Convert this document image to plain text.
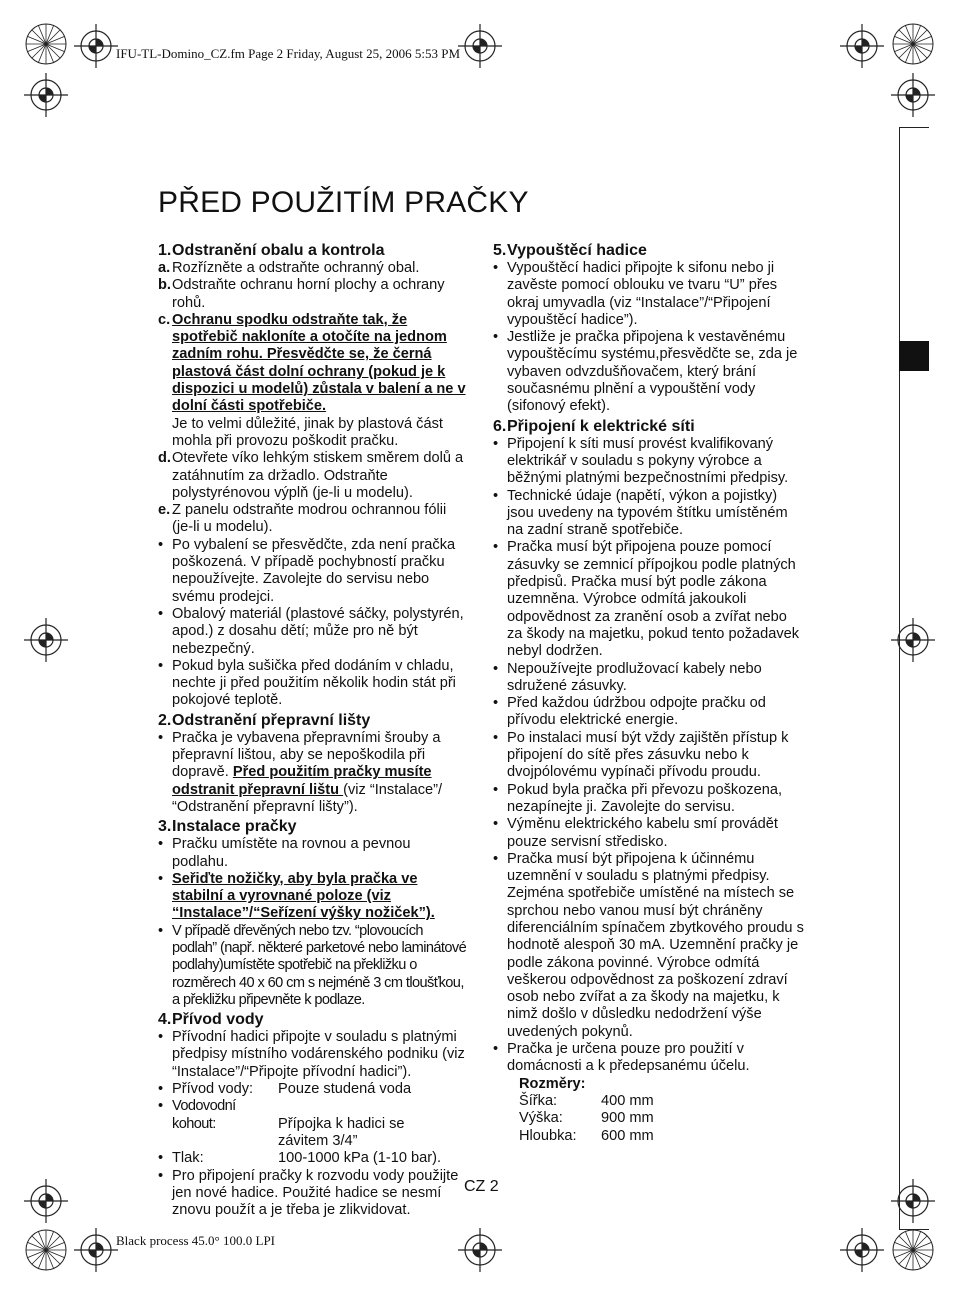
IFU-TL-Domino_CZ.fm Page 2 Friday, August 25, 2006 5:53 PM
Black process 45.0° 100.0 LPI
PŘED POUŽITÍM PRAČKY
1. Odstranění obalu a kontrola
a. Rozřízněte a odstraňte ochranný obal.
b. Odstraňte ochranu horní plochy a ochrany rohů.
c. Ochranu spodku odstraňte tak, že spotřebič nakloníte a otočíte na jednom zadním rohu. Přesvědčte se, že černá plastová část dolní ochrany (pokud je k dispozici u modelů) zůstala v balení a ne v dolní části spotřebiče.
Je to velmi důležité, jinak by plastová část mohla při provozu poškodit pračku.
d. Otevřete víko lehkým stiskem směrem dolů a zatáhnutím za držadlo. Odstraňte polystyrénovou výplň (je-li u modelu).
e. Z panelu odstraňte modrou ochrannou fólii (je-li u modelu).
• Po vybalení se přesvědčte, zda není pračka poškozená. V případě pochybností pračku nepoužívejte. Zavolejte do servisu nebo svému prodejci.
• Obalový materiál (plastové sáčky, polystyrén, apod.) z dosahu dětí; může pro ně být nebezpečný.
• Pokud byla sušička před dodáním v chladu, nechte ji před použitím několik hodin stát při pokojové teplotě.
2. Odstranění přepravní lišty
• Pračka je vybavena přepravními šrouby a přepravní lištou, aby se nepoškodila při dopravě. Před použitím pračky musíte odstranit přepravní lištu (viz “Instalace”/ “Odstranění přepravní lišty”).
3. Instalace pračky
• Pračku umístěte na rovnou a pevnou podlahu.
• Seřiďte nožičky, aby byla pračka ve stabilní a vyrovnané poloze (viz “Instalace”/“Seřízení výšky nožiček”).
• V případě dřevěných nebo tzv. “plovoucích podlah” (např. některé parketové nebo laminátové podlahy)umístěte spotřebič na překližku o rozměrech 40 x 60 cm s nejméně 3 cm tloušťkou, a překližku připevněte k podlaze.
4. Přívod vody
• Přívodní hadici připojte v souladu s platnými předpisy místního vodárenského podniku (viz “Instalace”/“Připojte přívodní hadici”).
• Přívod vody: Pouze studená voda
• Vodovodní kohout:	Přípojka k hadici se
závitem 3/4”
• Tlak:	100-1000 kPa (1-10 bar).
• Pro připojení pračky k rozvodu vody použijte jen nové hadice. Použité hadice se nesmí znovu použít a je třeba je zlikvidovat.
5. Vypouštěcí hadice
• Vypouštěcí hadici připojte k sifonu nebo ji zavěste pomocí oblouku ve tvaru “U” přes okraj umyvadla (viz “Instalace”/“Připojení vypouštěcí hadice”).
• Jestliže je pračka připojena k vestavěnému vypouštěcímu systému,přesvědčte se, zda je vybaven odvzdušňovačem, který brání současnému plnění a vypouštění vody (sifonový efekt).
6. Připojení k elektrické síti
• Připojení k síti musí provést kvalifikovaný elektrikář v souladu s pokyny výrobce a běžnými platnými bezpečnostními předpisy.
• Technické údaje (napětí, výkon a pojistky) jsou uvedeny na typovém štítku umístěném na zadní straně spotřebiče.
• Pračka musí být připojena pouze pomocí zásuvky se zemnicí přípojkou podle platných předpisů. Pračka musí být podle zákona uzemněna. Výrobce odmítá jakoukoli odpovědnost za zranění osob a zvířat nebo za škody na majetku, pokud tento požadavek nebyl dodržen.
• Nepoužívejte prodlužovací kabely nebo sdružené zásuvky.
• Před každou údržbou odpojte pračku od přívodu elektrické energie.
• Po instalaci musí být vždy zajištěn přístup k připojení do sítě přes zásuvku nebo k dvojpólovému vypínači přívodu proudu.
• Pokud byla pračka při převozu poškozena, nezapínejte ji. Zavolejte do servisu.
• Výměnu elektrického kabelu smí provádět pouze servisní středisko.
• Pračka musí být připojena k účinnému uzemnění v souladu s platnými předpisy. Zejména spotřebiče umístěné na místech se sprchou nebo vanou musí být chráněny diferenciálním spínačem zbytkového proudu s hodnotě alespoň 30 mA. Uzemnění pračky je podle zákona povinné. Výrobce odmítá veškerou odpovědnost za poškození zdraví osob nebo zvířat a za škody na majetku, k nimž došlo v důsledku nedodržení výše uvedených pokynů.
• Pračka je určena pouze pro použití v domácnosti a k předepsanému účelu.
Rozměry:
Šířka:	400 mm
Výška:	900 mm
Hloubka: 600 mm
CZ 2
